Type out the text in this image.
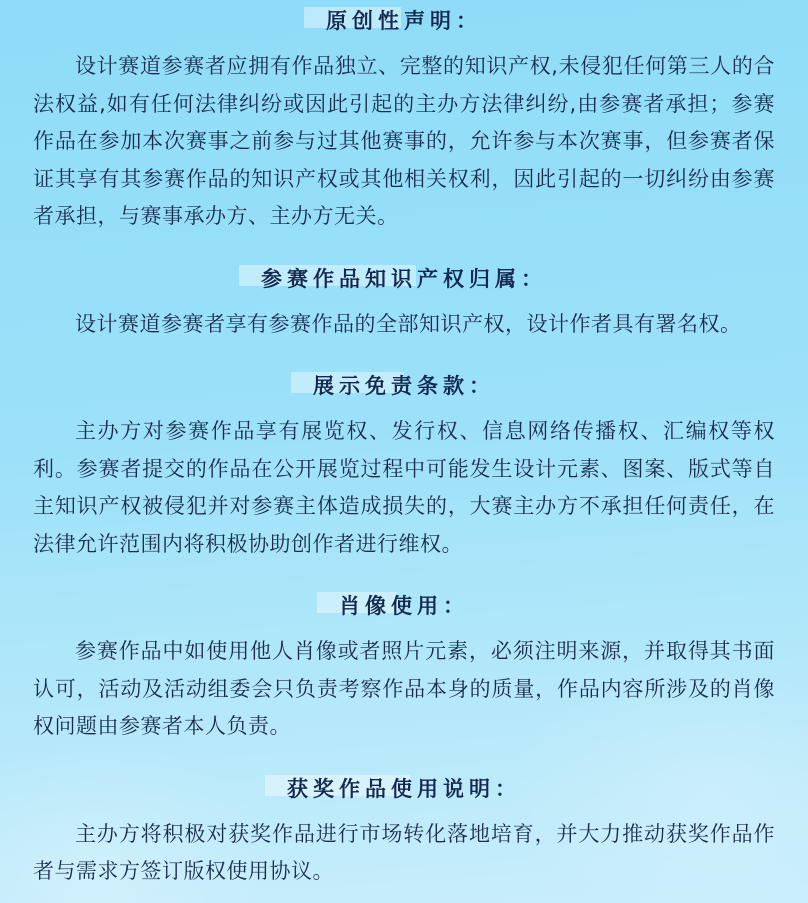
原创性声明：

设计赛道参赛者应拥有作品独立、完整的知识产权,未侵犯任何第三人的合法权益,如有任何法律纠纷或因此引起的主办方法律纠纷,由参赛者承担；参赛作品在参加本次赛事之前参与过其他赛事的，允许参与本次赛事，但参赛者保证其享有其参赛作品的知识产权或其他相关权利，因此引起的一切纠纷由参赛者承担，与赛事承办方、主办方无关。

参赛作品知识产权归属：

设计赛道参赛者享有参赛作品的全部知识产权，设计作者具有署名权。

展示免责条款：

主办方对参赛作品享有展览权、发行权、信息网络传播权、汇编权等权利。参赛者提交的作品在公开展览过程中可能发生设计元素、图案、版式等自主知识产权被侵犯并对参赛主体造成损失的，大赛主办方不承担任何责任，在法律允许范围内将积极协助创作者进行维权。

肖像使用：

参赛作品中如使用他人肖像或者照片元素，必须注明来源，并取得其书面认可，活动及活动组委会只负责考察作品本身的质量，作品内容所涉及的肖像权问题由参赛者本人负责。

获奖作品使用说明：

主办方将积极对获奖作品进行市场转化落地培育，并大力推动获奖作品作者与需求方签订版权使用协议。
